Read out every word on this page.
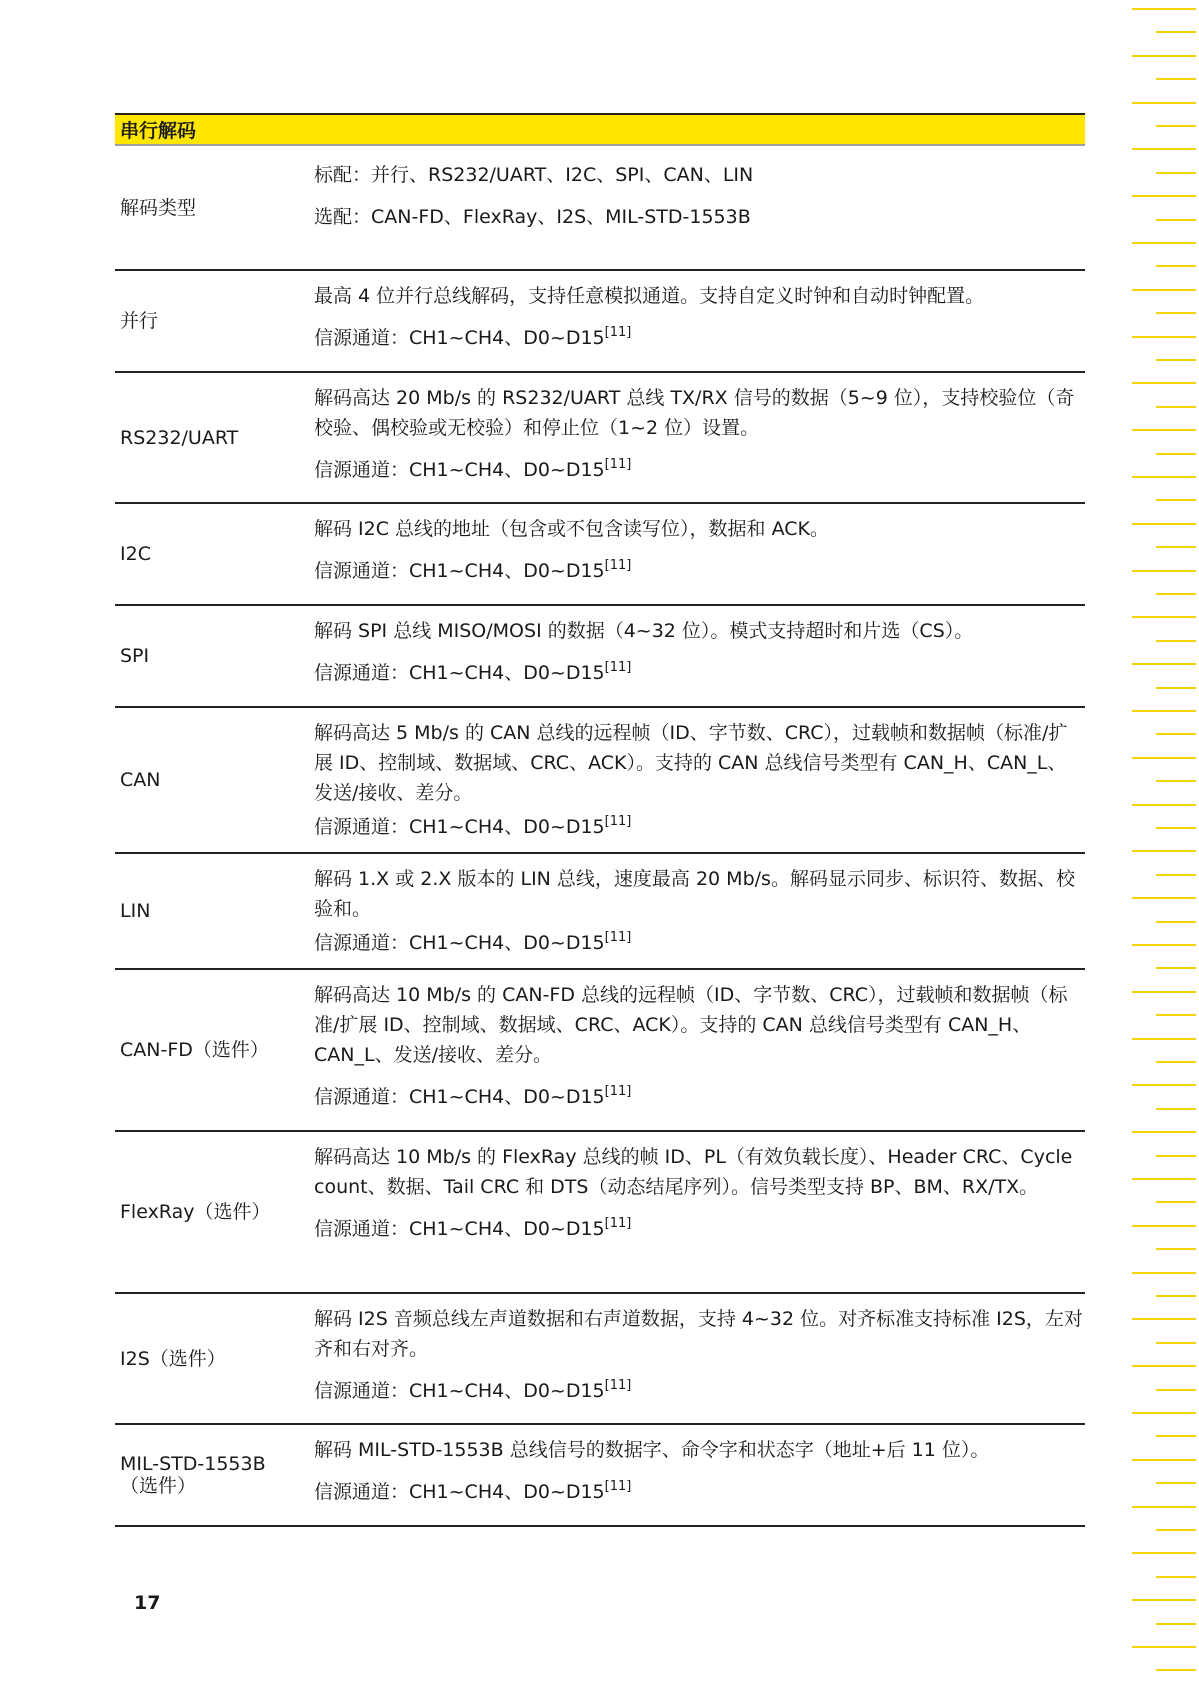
串行解码
解码类型

标配：并行、RS232/UART、I2C、SPI、CAN、LIN

选配：CAN-FD、FlexRay、I2S、MIL-STD-1553B

并行

最高 4 位并行总线解码，支持任意模拟通道。支持自定义时钟和自动时钟配置。

信源通道：CH1~CH4、D0~D15[11]

RS232/UART

解码高达 20 Mb/s 的 RS232/UART 总线 TX/RX 信号的数据（5~9 位），支持校验位（奇校验、偶校验或无校验）和停止位（1~2 位）设置。

信源通道：CH1~CH4、D0~D15[11]

I2C

解码 I2C 总线的地址（包含或不包含读写位），数据和 ACK。

信源通道：CH1~CH4、D0~D15[11]

SPI

解码 SPI 总线 MISO/MOSI 的数据（4~32 位）。模式支持超时和片选（CS）。

信源通道：CH1~CH4、D0~D15[11]

CAN

解码高达 5 Mb/s 的 CAN 总线的远程帧（ID、字节数、CRC），过载帧和数据帧（标准/扩展 ID、控制域、数据域、CRC、ACK）。支持的 CAN 总线信号类型有 CAN_H、CAN_L、发送/接收、差分。

信源通道：CH1~CH4、D0~D15[11]

LIN

解码 1.X 或 2.X 版本的 LIN 总线，速度最高 20 Mb/s。解码显示同步、标识符、数据、校验和。

信源通道：CH1~CH4、D0~D15[11]

CAN-FD（选件）

解码高达 10 Mb/s 的 CAN-FD 总线的远程帧（ID、字节数、CRC），过载帧和数据帧（标准/扩展 ID、控制域、数据域、CRC、ACK）。支持的 CAN 总线信号类型有 CAN_H、CAN_L、发送/接收、差分。

信源通道：CH1~CH4、D0~D15[11]

FlexRay（选件）

解码高达 10 Mb/s 的 FlexRay 总线的帧 ID、PL（有效负载长度）、Header CRC、Cycle count、数据、Tail CRC 和 DTS（动态结尾序列）。信号类型支持 BP、BM、RX/TX。

信源通道：CH1~CH4、D0~D15[11]

I2S（选件）

解码 I2S 音频总线左声道数据和右声道数据，支持 4~32 位。对齐标准支持标准 I2S，左对齐和右对齐。

信源通道：CH1~CH4、D0~D15[11]

MIL-STD-1553B
（选件）

解码 MIL-STD-1553B 总线信号的数据字、命令字和状态字（地址+后 11 位）。

信源通道：CH1~CH4、D0~D15[11]

17
